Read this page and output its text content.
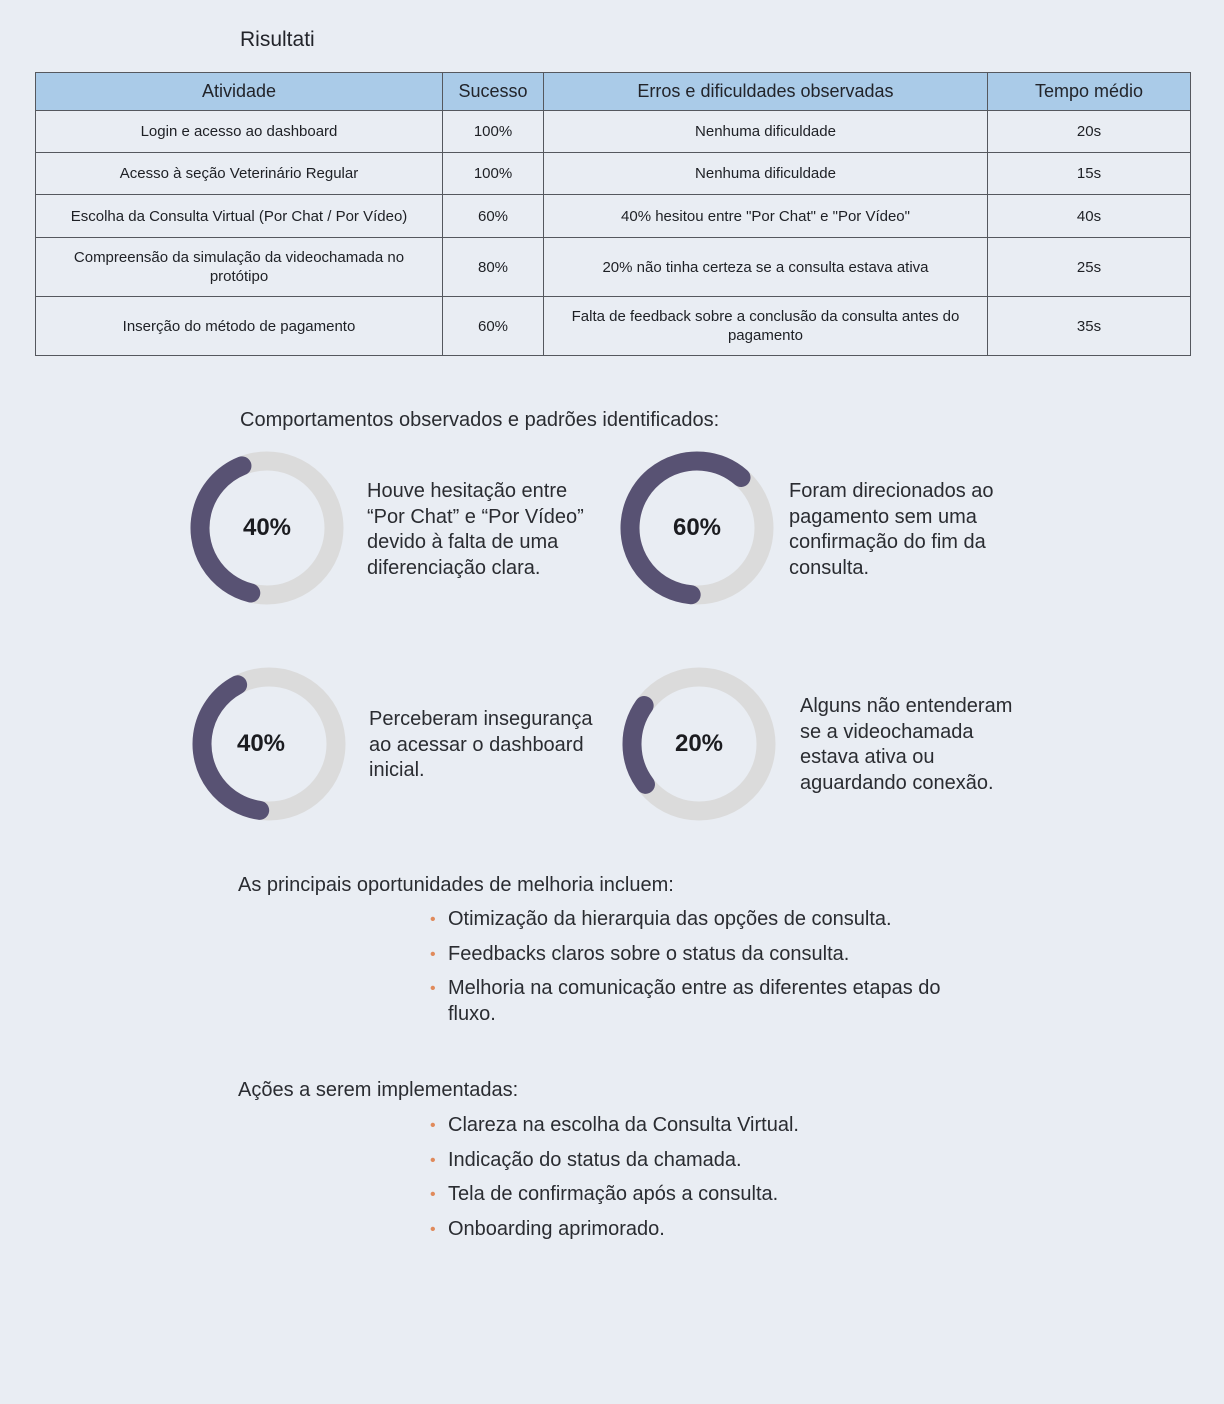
Risultati
Atividade	Sucesso	Erros e dificuldades observadas	Tempo médio
Login e acesso ao dashboard	100%	Nenhuma dificuldade	20s
Acesso à seção Veterinário Regular	100%	Nenhuma dificuldade	15s
Escolha da Consulta Virtual (Por Chat / Por Vídeo)	60%	40% hesitou entre "Por Chat" e "Por Vídeo"	40s
Compreensão da simulação da videochamada no protótipo	80%	20% não tinha certeza se a consulta estava ativa	25s
Inserção do método de pagamento	60%	Falta de feedback sobre a conclusão da consulta antes do pagamento	35s
Comportamentos observados e padrões identificados:
40%
Houve hesitação entre “Por Chat” e “Por Vídeo” devido à falta de uma diferenciação clara.
60%
Foram direcionados ao pagamento sem uma confirmação do fim da consulta.
40%
Perceberam insegurança ao acessar o dashboard inicial.
20%
Alguns não entenderam se a videochamada estava ativa ou aguardando conexão.
As principais oportunidades de melhoria incluem:
• Otimização da hierarquia das opções de consulta.
• Feedbacks claros sobre o status da consulta.
• Melhoria na comunicação entre as diferentes etapas do fluxo.
Ações a serem implementadas:
• Clareza na escolha da Consulta Virtual.
• Indicação do status da chamada.
• Tela de confirmação após a consulta.
• Onboarding aprimorado.
